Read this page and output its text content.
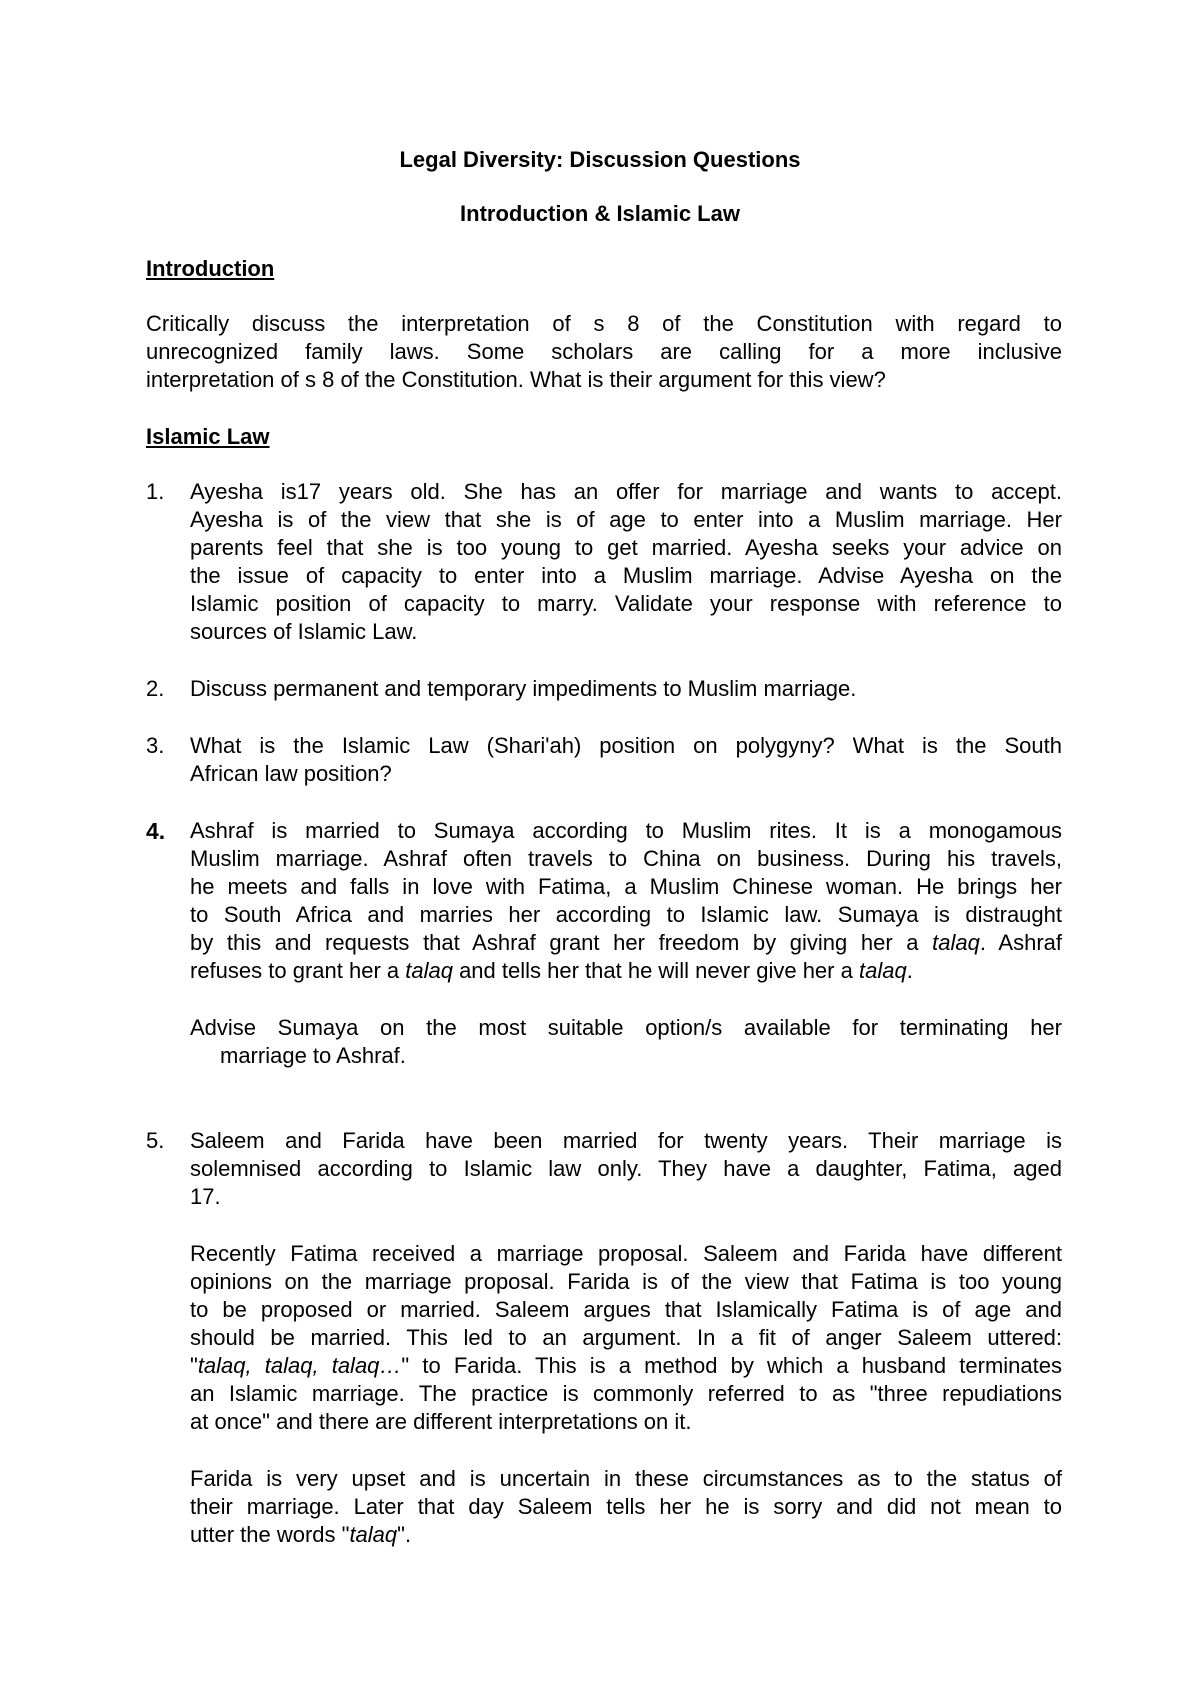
Legal Diversity: Discussion Questions
Introduction & Islamic Law
Introduction
Critically discuss the interpretation of s 8 of the Constitution with regard to
unrecognized family laws. Some scholars are calling for a more inclusive
interpretation of s 8 of the Constitution. What is their argument for this view?
Islamic Law
1. Ayesha is17 years old. She has an offer for marriage and wants to accept.
Ayesha is of the view that she is of age to enter into a Muslim marriage. Her
parents feel that she is too young to get married. Ayesha seeks your advice on
the issue of capacity to enter into a Muslim marriage. Advise Ayesha on the
Islamic position of capacity to marry. Validate your response with reference to
sources of Islamic Law.
2. Discuss permanent and temporary impediments to Muslim marriage.
3. What is the Islamic Law (Shari'ah) position on polygyny? What is the South
African law position?
4. Ashraf is married to Sumaya according to Muslim rites. It is a monogamous
Muslim marriage. Ashraf often travels to China on business. During his travels,
he meets and falls in love with Fatima, a Muslim Chinese woman. He brings her
to South Africa and marries her according to Islamic law. Sumaya is distraught
by this and requests that Ashraf grant her freedom by giving her a talaq. Ashraf
refuses to grant her a talaq and tells her that he will never give her a talaq.
Advise Sumaya on the most suitable option/s available for terminating her
marriage to Ashraf.
5. Saleem and Farida have been married for twenty years. Their marriage is
solemnised according to Islamic law only. They have a daughter, Fatima, aged
17.
Recently Fatima received a marriage proposal. Saleem and Farida have different
opinions on the marriage proposal. Farida is of the view that Fatima is too young
to be proposed or married. Saleem argues that Islamically Fatima is of age and
should be married. This led to an argument. In a fit of anger Saleem uttered:
"talaq, talaq, talaq…" to Farida. This is a method by which a husband terminates
an Islamic marriage. The practice is commonly referred to as "three repudiations
at once" and there are different interpretations on it.
Farida is very upset and is uncertain in these circumstances as to the status of
their marriage. Later that day Saleem tells her he is sorry and did not mean to
utter the words "talaq".
